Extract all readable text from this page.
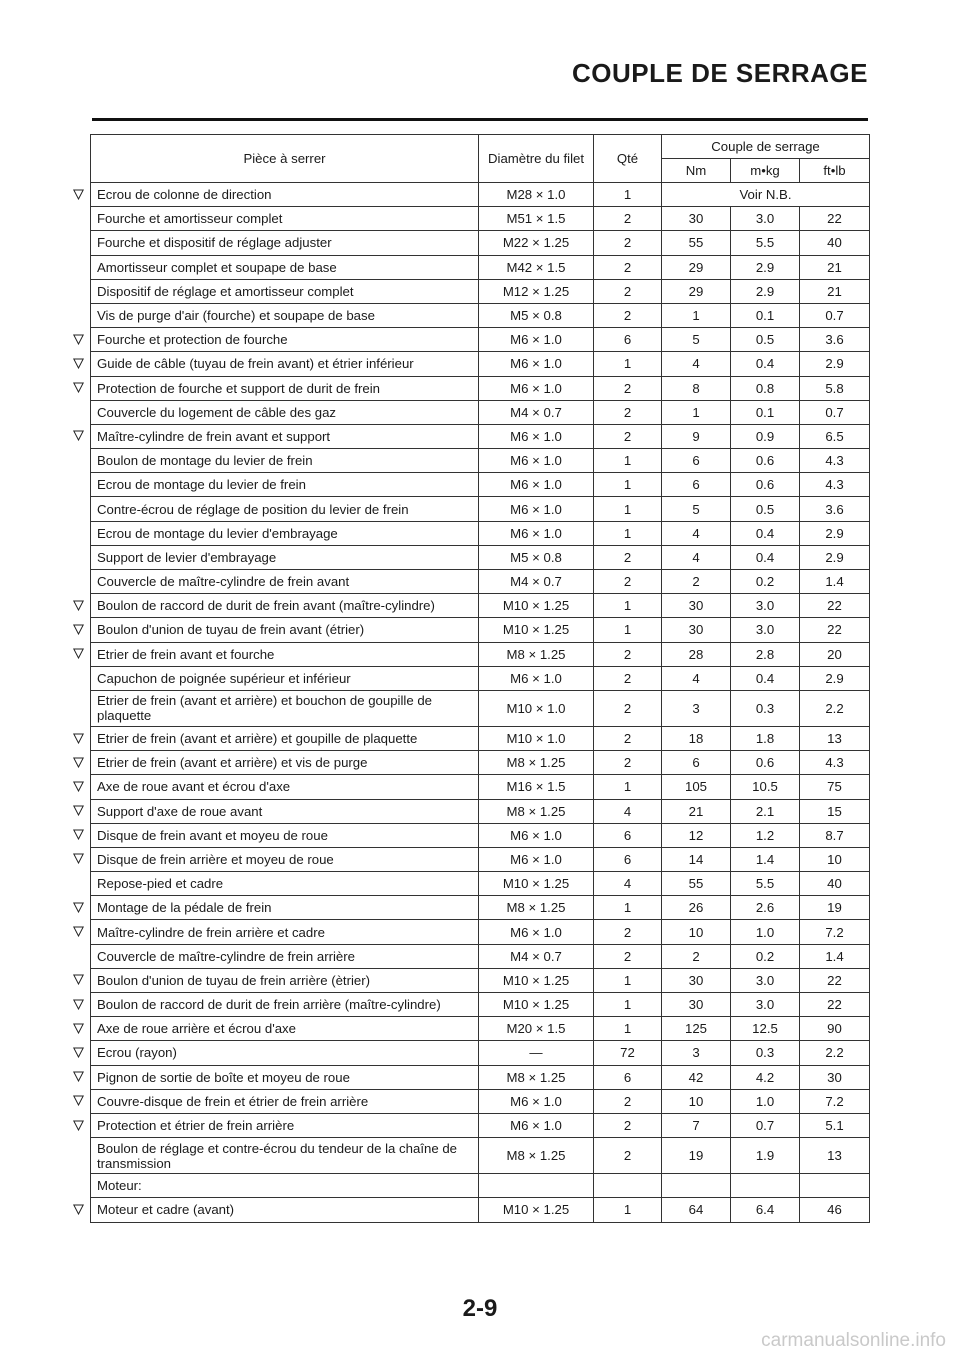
COUPLE DE SERRAGE
Pièce à serrer	Diamètre du filet	Qté	Couple de serrage		
			Nm	m•kg	ft•lb
Ecrou de colonne de direction	M28 × 1.0	1	Voir N.B.		
Fourche et amortisseur complet	M51 × 1.5	2	30	3.0	22
Fourche et dispositif de réglage adjuster	M22 × 1.25	2	55	5.5	40
Amortisseur complet et soupape de base	M42 × 1.5	2	29	2.9	21
Dispositif de réglage et amortisseur complet	M12 × 1.25	2	29	2.9	21
Vis de purge d'air (fourche) et soupape de base	M5 × 0.8	2	1	0.1	0.7
Fourche et protection de fourche	M6 × 1.0	6	5	0.5	3.6
Guide de câble (tuyau de frein avant) et étrier inférieur	M6 × 1.0	1	4	0.4	2.9
Protection de fourche et support de durit de frein	M6 × 1.0	2	8	0.8	5.8
Couvercle du logement de câble des gaz	M4 × 0.7	2	1	0.1	0.7
Maître-cylindre de frein avant et support	M6 × 1.0	2	9	0.9	6.5
Boulon de montage du levier de frein	M6 × 1.0	1	6	0.6	4.3
Ecrou de montage du levier de frein	M6 × 1.0	1	6	0.6	4.3
Contre-écrou de réglage de position du levier de frein	M6 × 1.0	1	5	0.5	3.6
Ecrou de montage du levier d'embrayage	M6 × 1.0	1	4	0.4	2.9
Support de levier d'embrayage	M5 × 0.8	2	4	0.4	2.9
Couvercle de maître-cylindre de frein avant	M4 × 0.7	2	2	0.2	1.4
Boulon de raccord de durit de frein avant (maître-cylindre)	M10 × 1.25	1	30	3.0	22
Boulon d'union de tuyau de frein avant (étrier)	M10 × 1.25	1	30	3.0	22
Etrier de frein avant et fourche	M8 × 1.25	2	28	2.8	20
Capuchon de poignée supérieur et inférieur	M6 × 1.0	2	4	0.4	2.9
Etrier de frein (avant et arrière) et bouchon de goupille de plaquette	M10 × 1.0	2	3	0.3	2.2
Etrier de frein (avant et arrière) et goupille de plaquette	M10 × 1.0	2	18	1.8	13
Etrier de frein (avant et arrière) et vis de purge	M8 × 1.25	2	6	0.6	4.3
Axe de roue avant et écrou d'axe	M16 × 1.5	1	105	10.5	75
Support d'axe de roue avant	M8 × 1.25	4	21	2.1	15
Disque de frein avant et moyeu de roue	M6 × 1.0	6	12	1.2	8.7
Disque de frein arrière et moyeu de roue	M6 × 1.0	6	14	1.4	10
Repose-pied et cadre	M10 × 1.25	4	55	5.5	40
Montage de la pédale de frein	M8 × 1.25	1	26	2.6	19
Maître-cylindre de frein arrière et cadre	M6 × 1.0	2	10	1.0	7.2
Couvercle de maître-cylindre de frein arrière	M4 × 0.7	2	2	0.2	1.4
Boulon d'union de tuyau de frein arrière (ètrier)	M10 × 1.25	1	30	3.0	22
Boulon de raccord de durit de frein arrière (maître-cylindre)	M10 × 1.25	1	30	3.0	22
Axe de roue arrière et écrou d'axe	M20 × 1.5	1	125	12.5	90
Ecrou (rayon)	—	72	3	0.3	2.2
Pignon de sortie de boîte et moyeu de roue	M8 × 1.25	6	42	4.2	30
Couvre-disque de frein et étrier de frein arrière	M6 × 1.0	2	10	1.0	7.2
Protection et étrier de frein arrière	M6 × 1.0	2	7	0.7	5.1
Boulon de réglage et contre-écrou du tendeur de la chaîne de transmission	M8 × 1.25	2	19	1.9	13
Moteur:					
Moteur et cadre (avant)	M10 × 1.25	1	64	6.4	46
2-9
carmanualsonline.info
